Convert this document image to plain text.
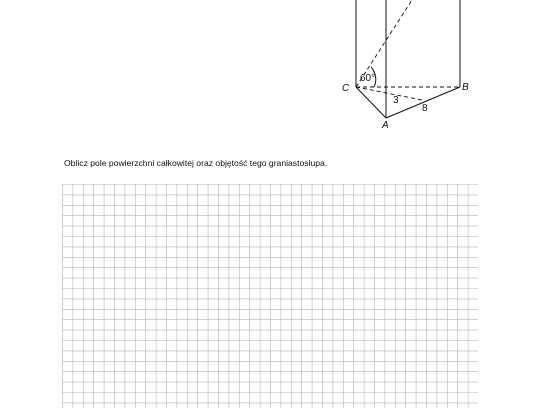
60°
C	B
A
3
8
Oblicz pole powierzchni całkowitej oraz objętość tego graniastosłupa.
